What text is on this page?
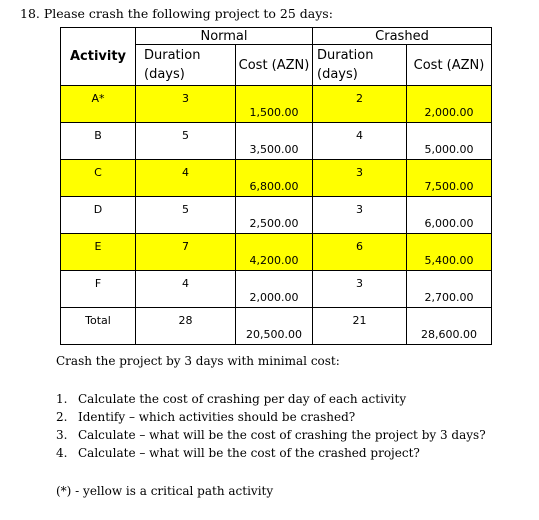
18. Please crash the following project to 25 days:
Activity	Normal		Crashed	
	Duration (days)	Cost (AZN)	Duration (days)	Cost (AZN)

A*	3	1,500.00	2	2,000.00

B	5	3,500.00	4	5,000.00

C	4	6,800.00	3	7,500.00

D	5	2,500.00	3	6,000.00

E	7	4,200.00	6	5,400.00

F	4	2,000.00	3	2,700.00

Total	28	20,500.00	21	28,600.00
Crash the project by 3 days with minimal cost:
1. Calculate the cost of crashing per day of each activity
2. Identify – which activities should be crashed?
3. Calculate – what will be the cost of crashing the project by 3 days?
4. Calculate – what will be the cost of the crashed project?
(*) - yellow is a critical path activity
